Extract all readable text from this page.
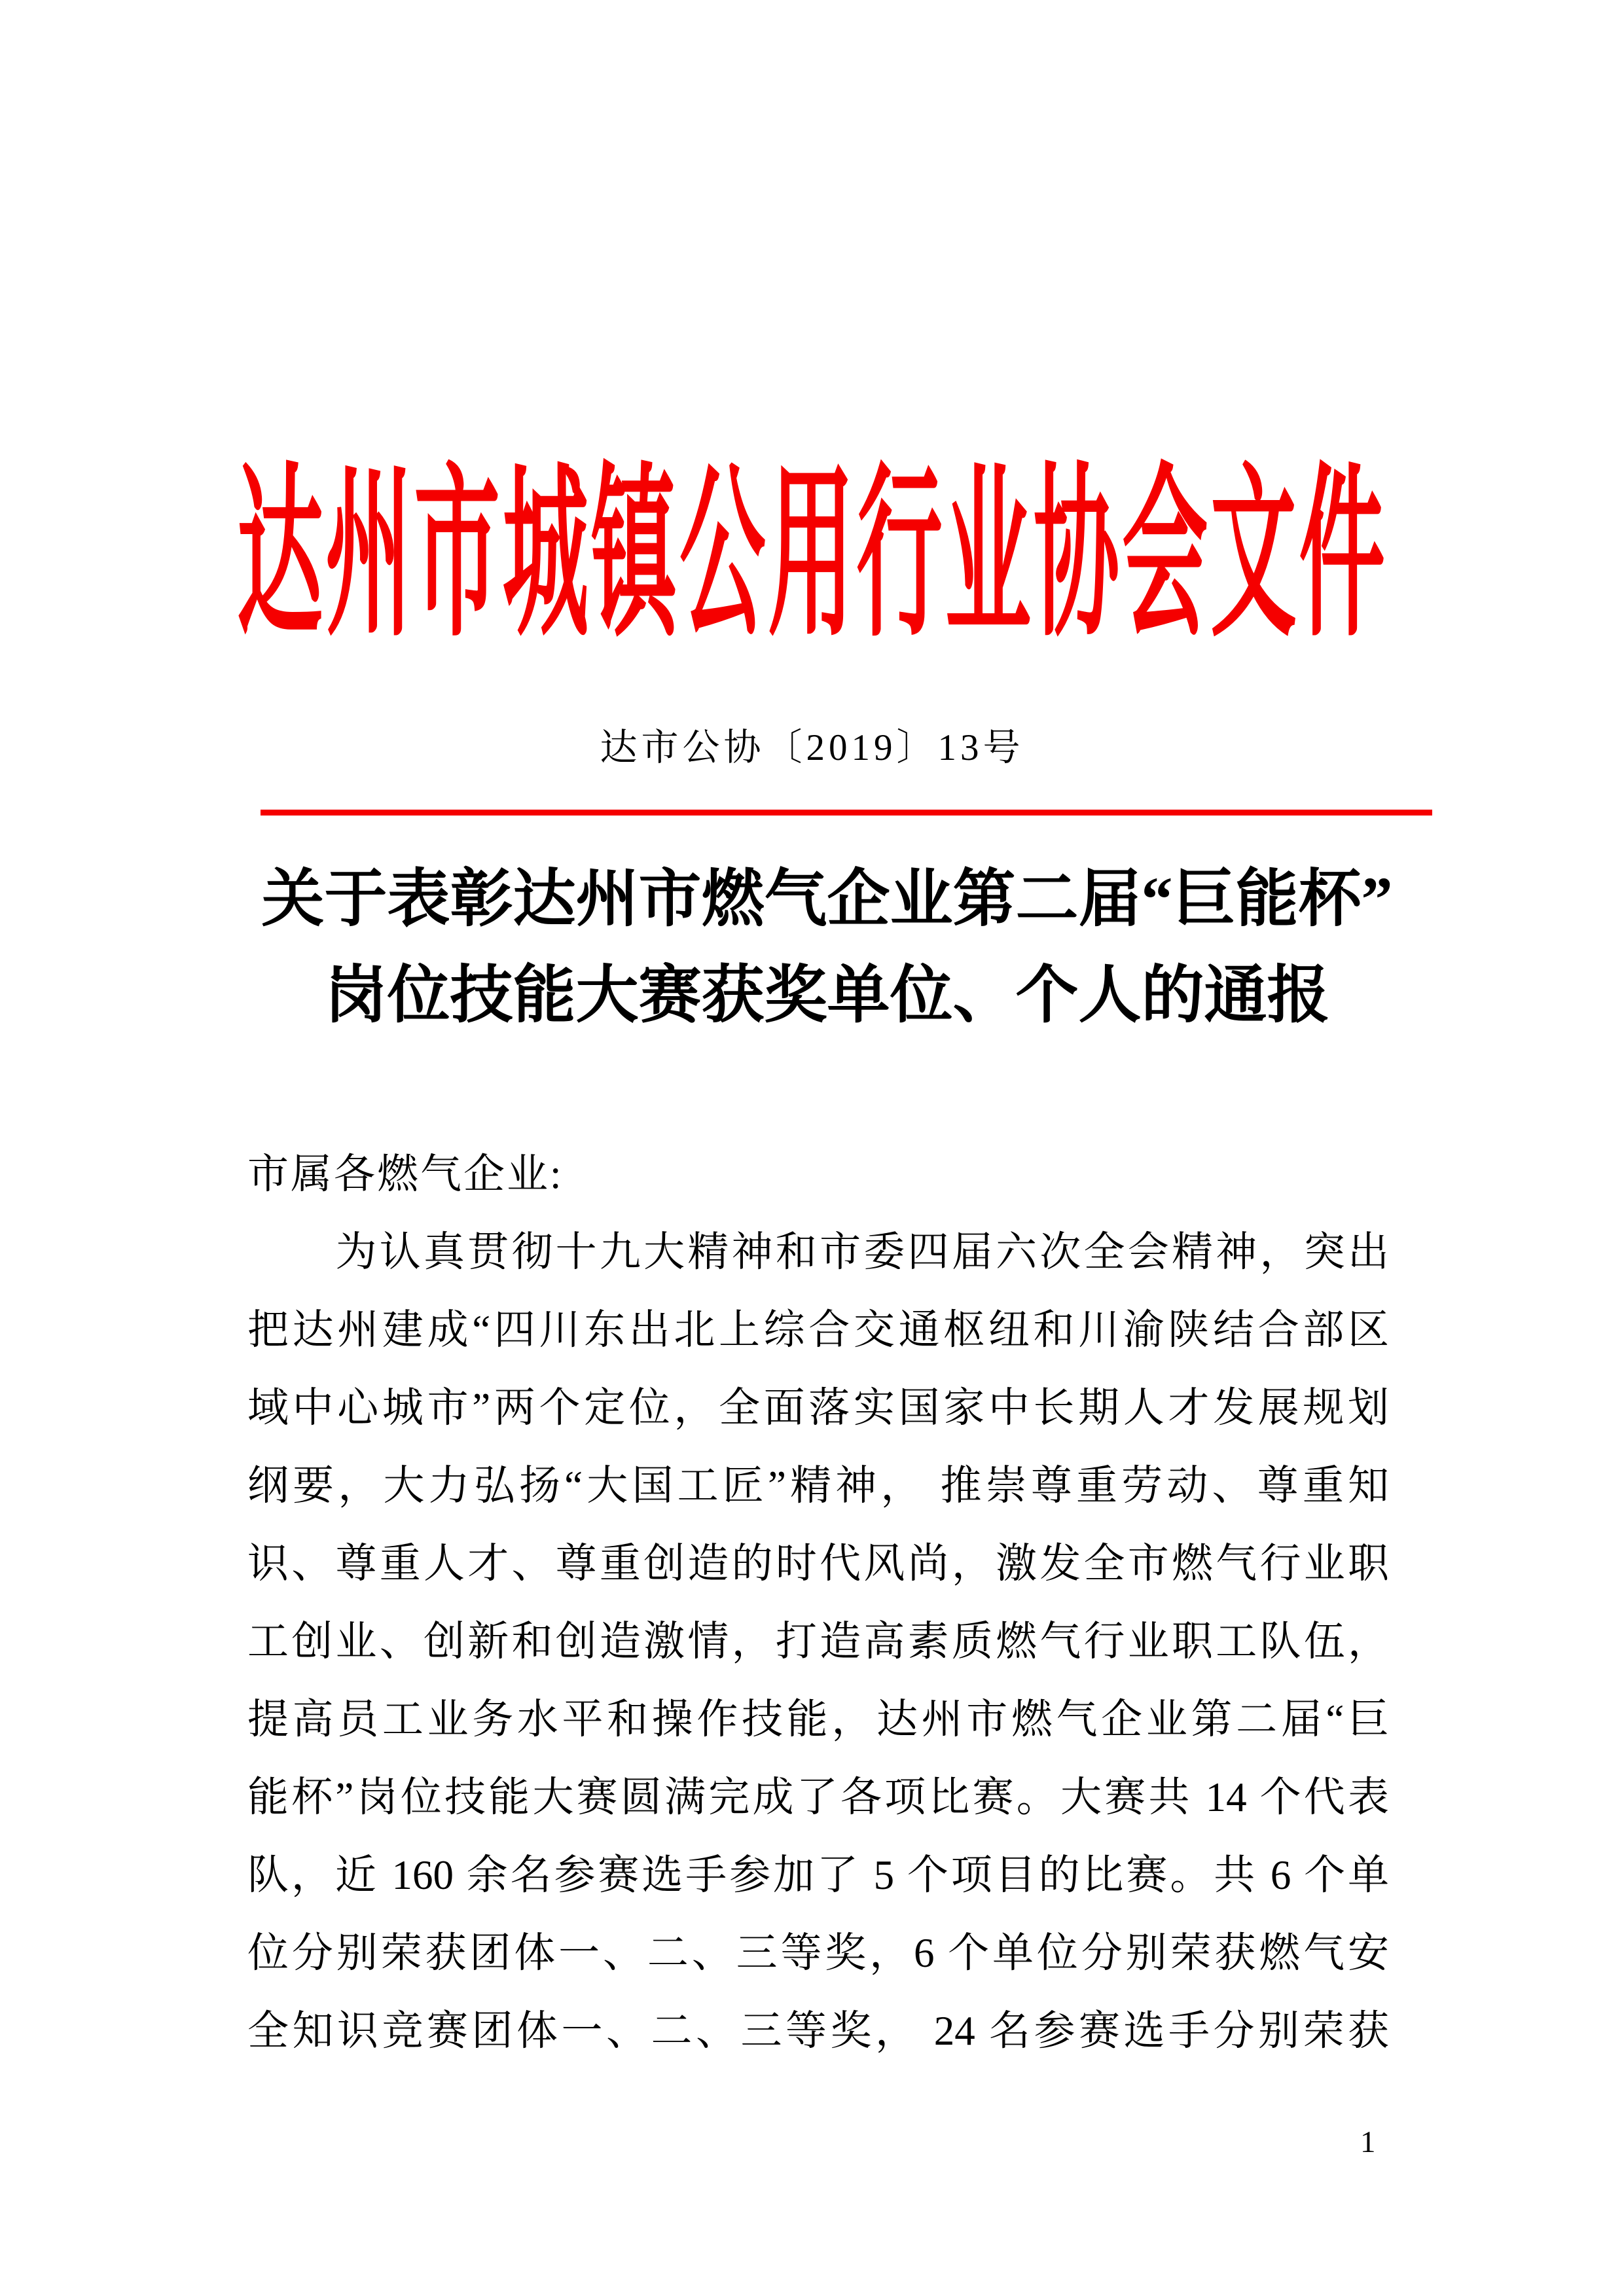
达州市城镇公用行业协会文件
达市公协〔2019〕13号
关于表彰达州市燃气企业第二届“巨能杯”
岗位技能大赛获奖单位、个人的通报
市属各燃气企业:
　　为认真贯彻十九大精神和市委四届六次全会精神，突出
把达州建成“四川东出北上综合交通枢纽和川渝陕结合部区
域中心城市”两个定位，全面落实国家中长期人才发展规划
纲要，大力弘扬“大国工匠”精神， 推崇尊重劳动、尊重知
识、尊重人才、尊重创造的时代风尚，激发全市燃气行业职
工创业、创新和创造激情，打造高素质燃气行业职工队伍，
提高员工业务水平和操作技能，达州市燃气企业第二届“巨
能杯”岗位技能大赛圆满完成了各项比赛。大赛共 14 个代表
队，近 160 余名参赛选手参加了 5 个项目的比赛。共 6 个单
位分别荣获团体一、二、三等奖，6 个单位分别荣获燃气安
全知识竞赛团体一、二、三等奖， 24 名参赛选手分别荣获
1
